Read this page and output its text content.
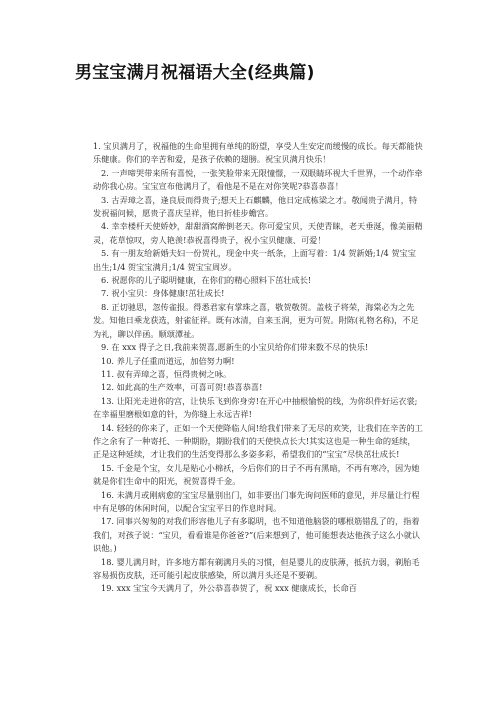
男宝宝满月祝福语大全(经典篇)

1. 宝贝满月了，祝福他的生命里拥有单纯的盼望，享受人生安定而缓慢的成长。每天都能快乐健康。你们的辛苦和爱，是孩子依赖的翅膀。祝宝贝满月快乐！

2. 一声啼哭带来所有喜悦，一张笑脸带来无限憧憬，一双眼睛环视大千世界，一个动作牵动你我心房。宝宝宣布他满月了，看他是不是在对你笑呢?恭喜恭喜！

3. 古弄璋之喜，逢良辰而得贵子;想天上石麒麟，他日定成栋梁之才。敬闻贵子满月，特发祝福问候，愿贵子喜庆呈祥，他日折桂步蟾宫。

4. 幸幸楼杆天使娇妙，甜甜酒窝醉倒老天。你可爱宝贝，天使青睐，老天垂涎，像美丽精灵，花草惊叹，旁人艳羡!恭祝喜得贵子，祝小宝贝健康、可爱！

5. 有一朋友给新婚夫妇一份贺礼，现金中夹一纸条，上面写着：1/4 贺新婚;1/4 贺宝宝出生;1/4 贺宝宝满月;1/4 贺宝宝周岁。

6. 祝愿你的儿子聪明健康，在你们的精心照料下茁壮成长!

7. 祝小宝贝：身体健康!茁壮成长!

8. 正切驰思，忽传雀报。得悉君家有掌珠之喜，敬贺敬贺。盖枝子将荣，海棠必为之先发。知他日乘龙获选，射雀征祥。既有冰清，自来玉润，更为可贺。附陈(礼物名称)，不足为礼，聊以伴函。顺颂潭祉。

9. 在 xxx 得子之日,我前来贺喜,愿新生的小宝贝给你们带来数不尽的快乐!

10. 养儿子任重而道远，加倍努力啊!

11. 叔有弄璋之喜，恒得贵树之咏。

12. 如此高的生产效率，可喜可贺!恭喜恭喜!

13. 让阳光走进你的宫，让快乐飞到你身旁!在开心中抽根愉悦的线，为你织件好运衣裳;在幸福里磨根如意的针，为你缝上永远吉祥!

14. 轻轻的你来了，正如一个天使降临人间!给我们带来了无尽的欢笑，让我们在辛苦的工作之余有了一种寄托、一种期盼，期盼我们的天使快点长大!其实这也是一种生命的延续，正是这种延续，才让我们的生活变得那么多姿多彩，希望我们的“宝宝”尽快茁壮成长!

15. 千金是个宝，女儿是贴心小棉袄，今后你们的日子不再有黑暗，不再有寒冷，因为她就是你们生命中的阳光，祝贺喜得千金。

16. 未满月或刚病愈的宝宝尽量别出门，如非要出门事先询问医师的意见，并尽量让行程中有足够的休闲时间，以配合宝宝平日的作息时间。

17. 同事兴匆匆的对我们形容他儿子有多聪明，也不知道他脑袋的哪根筋错乱了的，指着我们，对孩子说：“宝贝，看看谁是你爸爸?”(后来想到了，他可能想表达他孩子这么小就认识他。)

18. 婴儿满月时，许多地方都有剃满月头的习惯，但是婴儿的皮肤薄，抵抗力弱，剃胎毛容易损伤皮肤，还可能引起皮肤感染，所以满月头还是不要剃。

19. xxx 宝宝今天满月了，外公恭喜恭贺了，祝 xxx 健康成长，长命百
